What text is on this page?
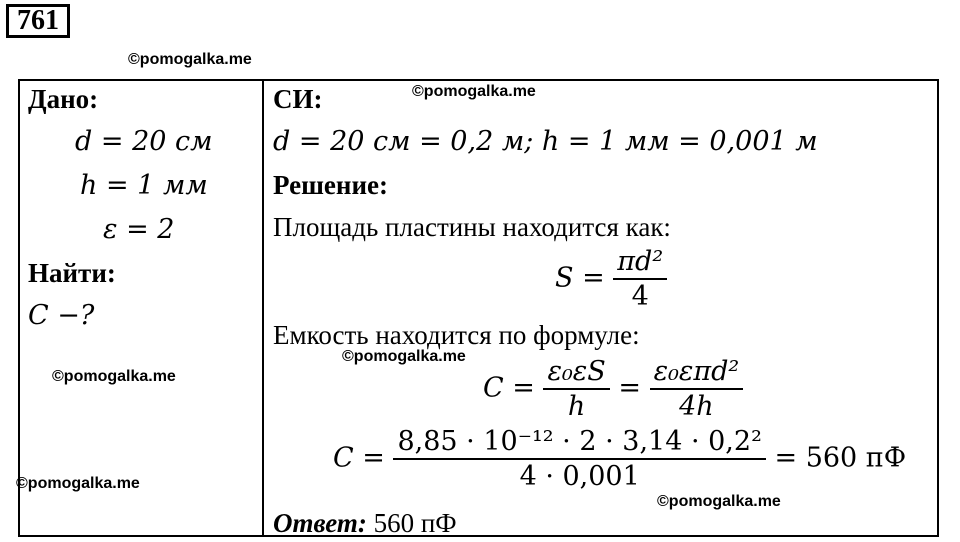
761
©pomogalka.me
Дано:
d = 20 см
h = 1 мм
ε = 2
Найти:
C −?
©pomogalka.me
©pomogalka.me
СИ:	©pomogalka.me
d = 20 см = 0,2 м; h = 1 мм = 0,001 м
Решение:
Площадь пластины находится как:
$S = \frac{\text{πd²}}{4}$
Емкость находится по формуле:
©pomogalka.me
$C = \frac{\text{ε₀εS}}{h} = \frac{\text{ε₀επd²}}{4h}$
$C = \frac{\text{8,85 · 10⁻¹² · 2 · 3,14 · 0,2²}}{4 \cdot 0,001} = 560$ пФ
©pomogalka.me
Ответ: 560 пФ
